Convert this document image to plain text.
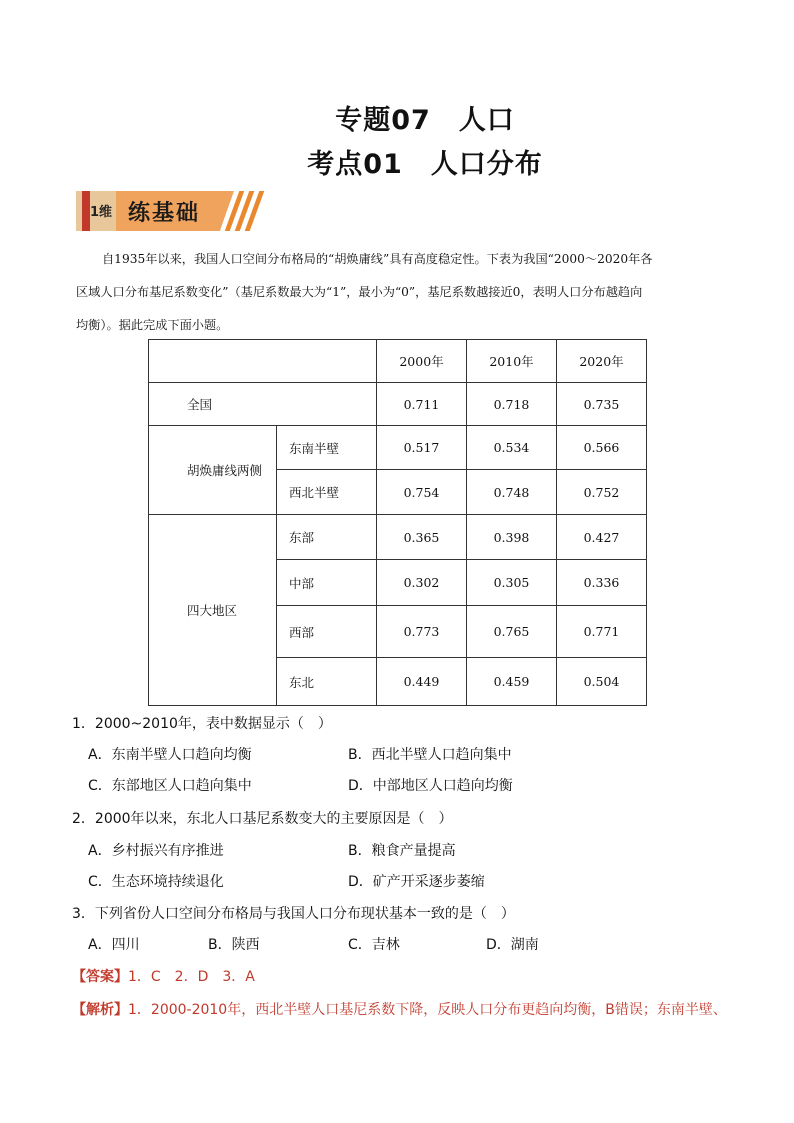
专题07　人口
考点01　人口分布
1维 练基础
自1935年以来，我国人口空间分布格局的“胡焕庸线”具有高度稳定性。下表为我国“2000～2020年各
区域人口分布基尼系数变化”（基尼系数最大为“1”，最小为“0”，基尼系数越接近0，表明人口分布越趋向
均衡）。据此完成下面小题。
		2000年	2010年	2020年
全国		0.711	0.718	0.735
胡焕庸线两侧	东南半壁	0.517	0.534	0.566
	西北半壁	0.754	0.748	0.752
四大地区	东部	0.365	0.398	0.427
	中部	0.302	0.305	0.336
	西部	0.773	0.765	0.771
	东北	0.449	0.459	0.504
1．2000~2010年，表中数据显示（　）
A．东南半壁人口趋向均衡	B．西北半壁人口趋向集中
C．东部地区人口趋向集中	D．中部地区人口趋向均衡
2．2000年以来，东北人口基尼系数变大的主要原因是（　）
A．乡村振兴有序推进	B．粮食产量提高
C．生态环境持续退化	D．矿产开采逐步萎缩
3．下列省份人口空间分布格局与我国人口分布现状基本一致的是（　）
A．四川	B．陕西	C．吉林	D．湖南
【答案】1．C　2．D　3．A
【解析】1．2000-2010年，西北半壁人口基尼系数下降，反映人口分布更趋向均衡，B错误；东南半壁、
